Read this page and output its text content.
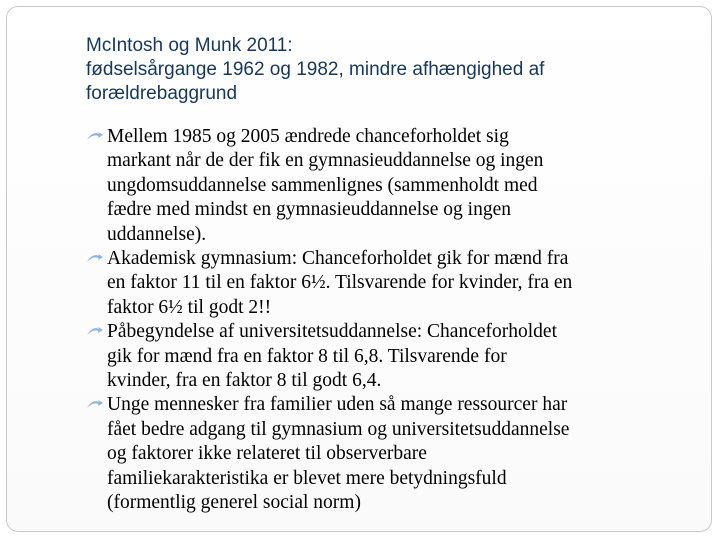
McIntosh og Munk 2011:
fødselsårgange 1962 og 1982, mindre afhængighed af
forældrebaggrund
Mellem 1985 og 2005 ændrede chanceforholdet sig
markant når de der fik en gymnasieuddannelse og ingen
ungdomsuddannelse sammenlignes (sammenholdt med
fædre med mindst en gymnasieuddannelse og ingen
uddannelse).
Akademisk gymnasium: Chanceforholdet gik for mænd fra
en faktor 11 til en faktor 6½. Tilsvarende for kvinder, fra en
faktor 6½ til godt 2!!
Påbegyndelse af universitetsuddannelse: Chanceforholdet
gik for mænd fra en faktor 8 til 6,8. Tilsvarende for
kvinder, fra en faktor 8 til godt 6,4.
Unge mennesker fra familier uden så mange ressourcer har
fået bedre adgang til gymnasium og universitetsuddannelse
og faktorer ikke relateret til observerbare
familiekarakteristika er blevet mere betydningsfuld
(formentlig generel social norm)
